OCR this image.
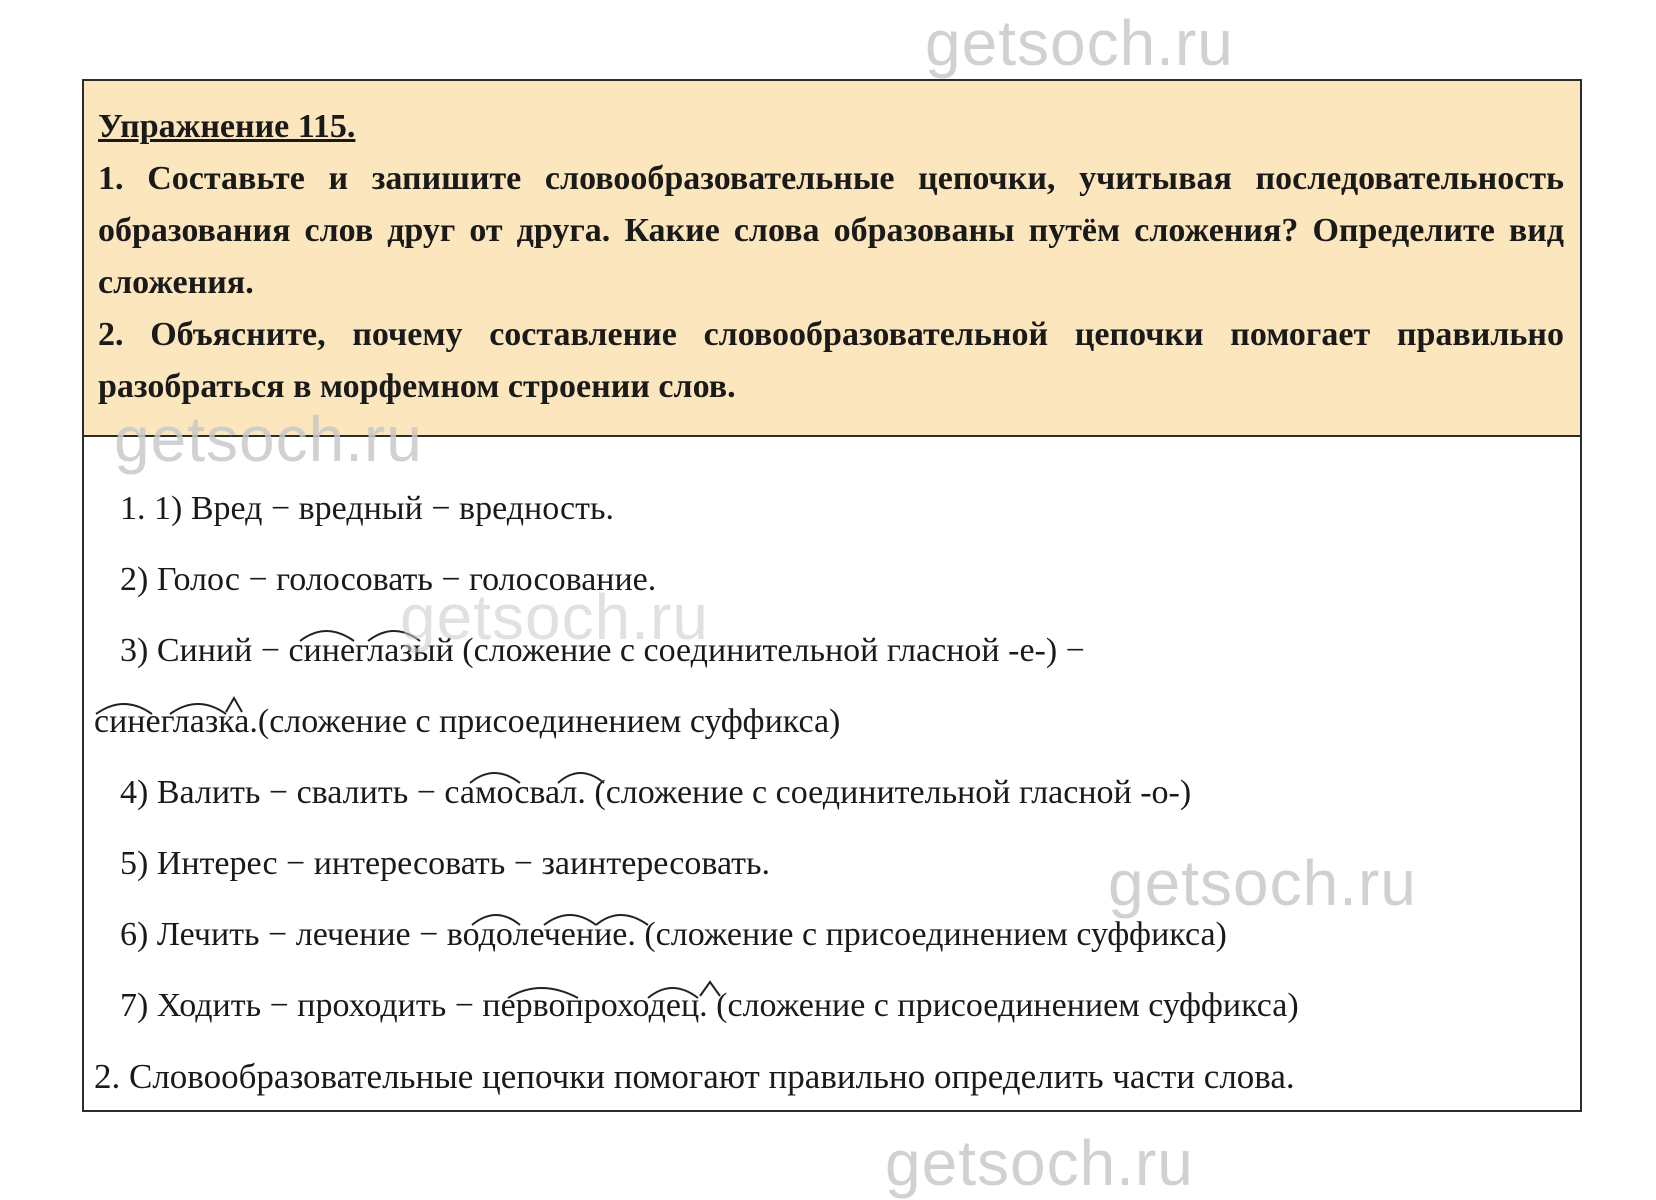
getsoch.ru

Упражнение 115.

1. Составьте и запишите словообразовательные цепочки, учитывая последовательность образования слов друг от друга. Какие слова образованы путём сложения? Определите вид сложения.

2. Объясните, почему составление словообразовательной цепочки помогает правильно разобраться в морфемном строении слов.

1. 1) Вред − вредный − вредность.
2) Голос − голосовать − голосование.
3) Синий − синеглазый (сложение с соединительной гласной -е-) −
синеглазка.(сложение с присоединением суффикса)
4) Валить − свалить − самосвал. (сложение с соединительной гласной -о-)
5) Интерес − интересовать − заинтересовать.
6) Лечить − лечение − водолечение. (сложение с присоединением суффикса)
7) Ходить − проходить − первопроходец. (сложение с присоединением суффикса)
2. Словообразовательные цепочки помогают правильно определить части слова.
getsoch.ru
getsoch.ru
getsoch.ru
getsoch.ru
